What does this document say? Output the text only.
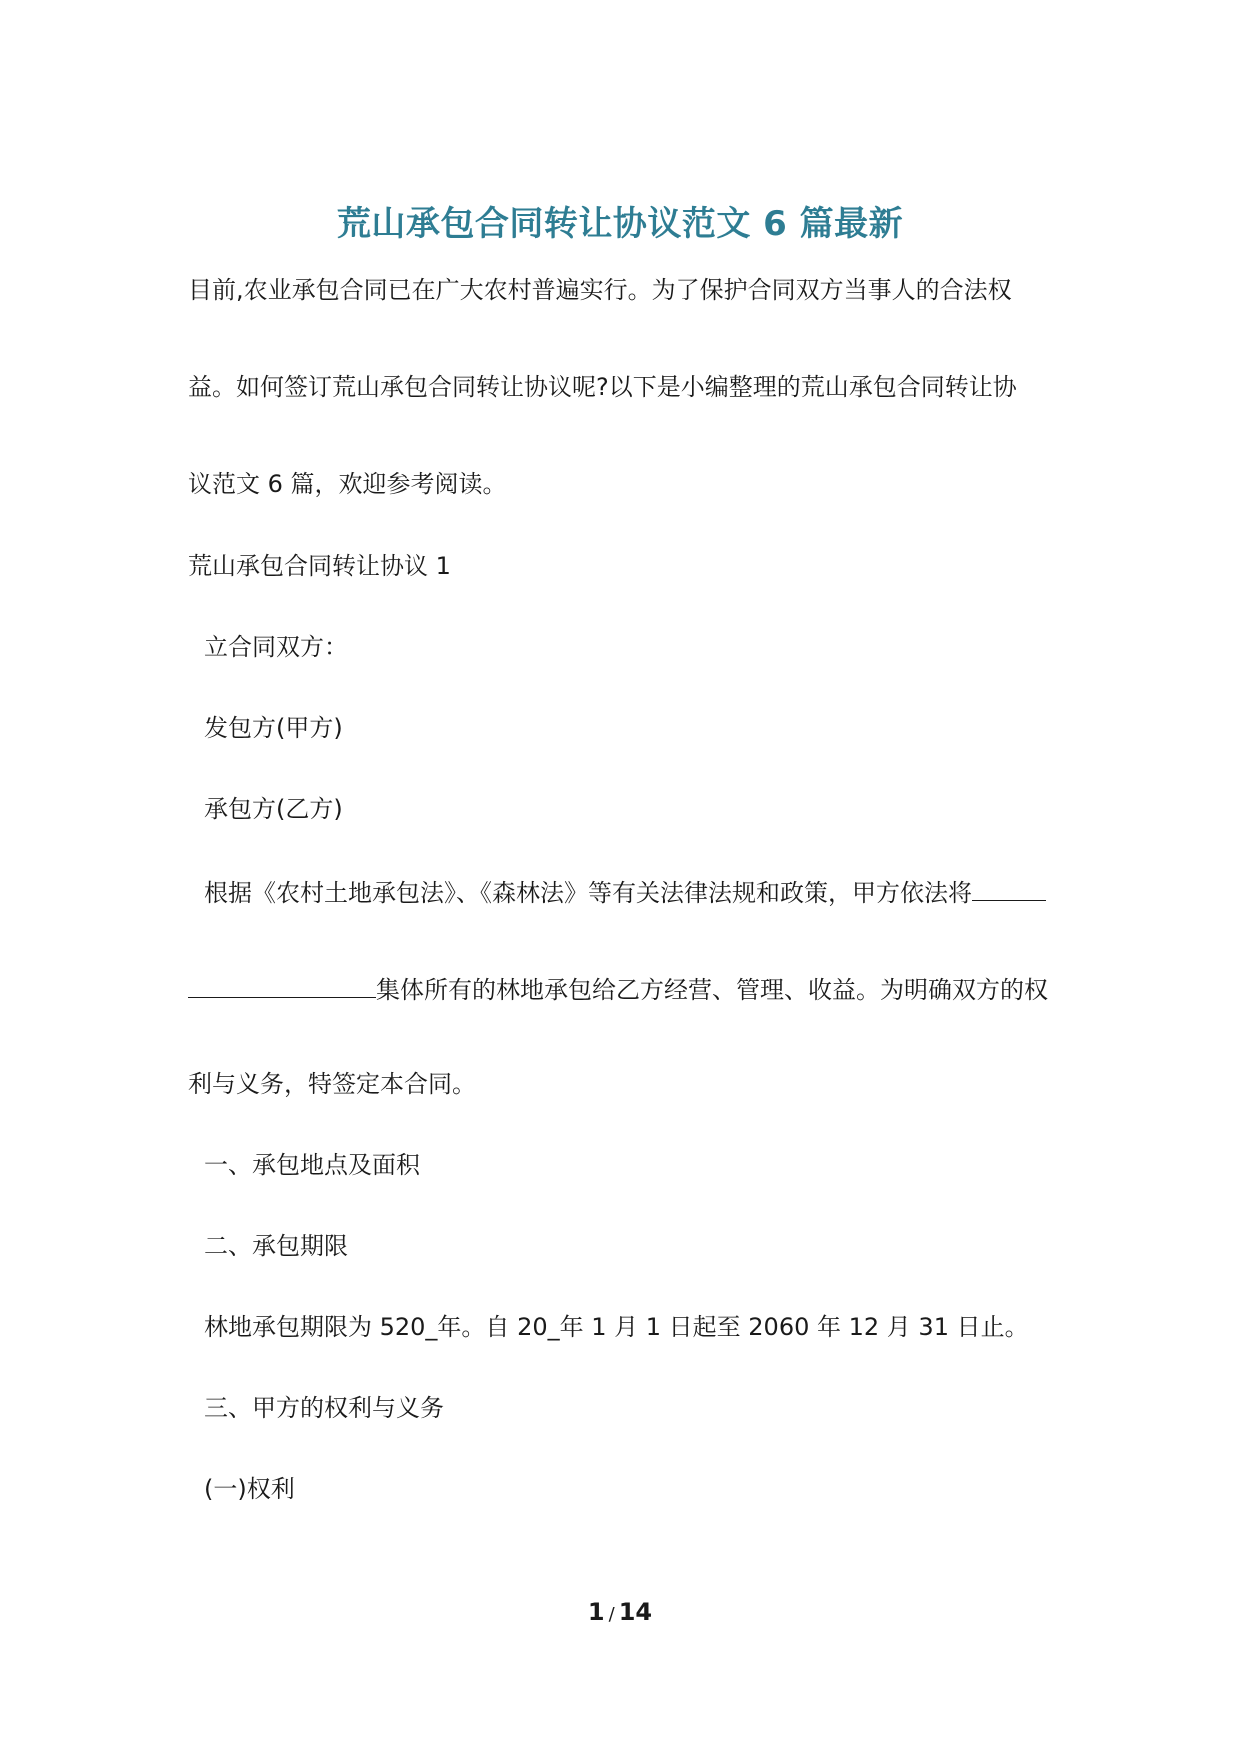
荒山承包合同转让协议范文 6 篇最新

目前,农业承包合同已在广大农村普遍实行。为了保护合同双方当事人的合法权

益。如何签订荒山承包合同转让协议呢?以下是小编整理的荒山承包合同转让协

议范文 6 篇，欢迎参考阅读。

荒山承包合同转让协议 1

立合同双方：

发包方(甲方)

承包方(乙方)

根据《农村土地承包法》、《森林法》等有关法律法规和政策，甲方依法将

集体所有的林地承包给乙方经营、管理、收益。为明确双方的权

利与义务，特签定本合同。

一、承包地点及面积

二、承包期限

林地承包期限为 520_年。自 20_年 1 月 1 日起至 2060 年 12 月 31 日止。

三、甲方的权利与义务

(一)权利

1 / 14
